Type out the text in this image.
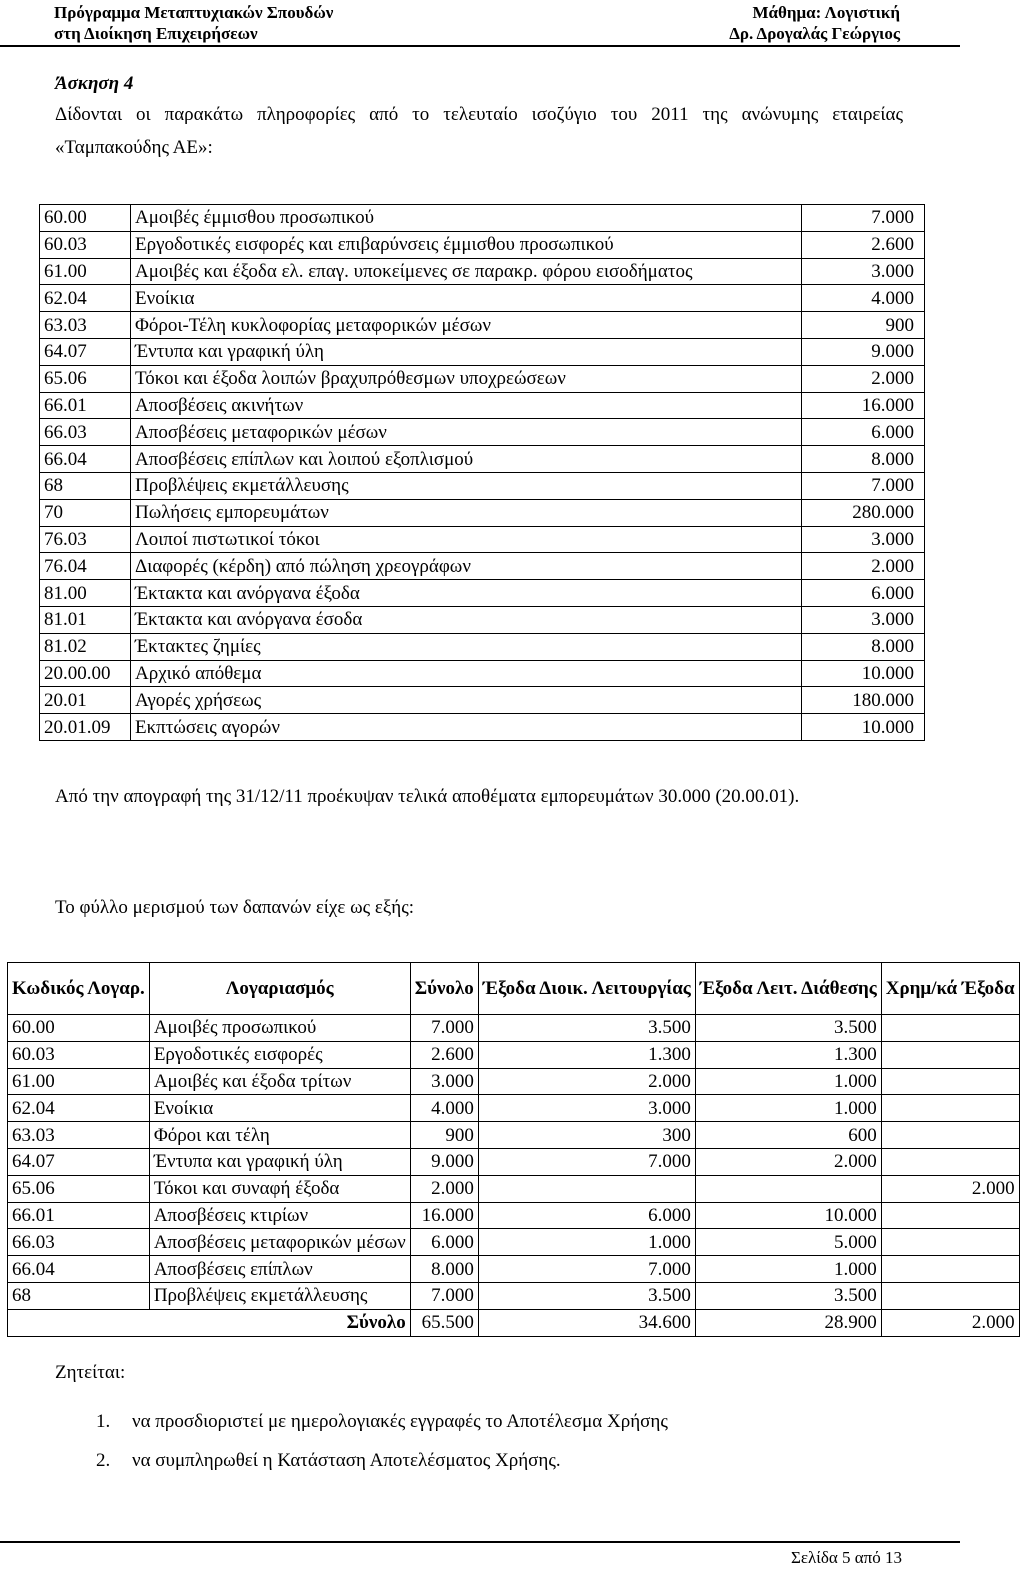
Πρόγραμμα Μεταπτυχιακών Σπουδών
στη Διοίκηση Επιχειρήσεων
Μάθημα: Λογιστική
Δρ. Δρογαλάς Γεώργιος
Άσκηση 4
Δίδονται οι παρακάτω πληροφορίες από το τελευταίο ισοζύγιο του 2011 της ανώνυμης εταιρείας «Ταμπακούδης ΑΕ»:
60.00	Αμοιβές έμμισθου προσωπικού	7.000
60.03	Εργοδοτικές εισφορές και επιβαρύνσεις έμμισθου προσωπικού	2.600
61.00	Αμοιβές και έξοδα ελ. επαγ. υποκείμενες σε παρακρ. φόρου εισοδήματος	3.000
62.04	Ενοίκια	4.000
63.03	Φόροι-Τέλη κυκλοφορίας μεταφορικών μέσων	900
64.07	Έντυπα και γραφική ύλη	9.000
65.06	Τόκοι και έξοδα λοιπών βραχυπρόθεσμων υποχρεώσεων	2.000
66.01	Αποσβέσεις ακινήτων	16.000
66.03	Αποσβέσεις μεταφορικών μέσων	6.000
66.04	Αποσβέσεις επίπλων και λοιπού εξοπλισμού	8.000
68	Προβλέψεις εκμετάλλευσης	7.000
70	Πωλήσεις εμπορευμάτων	280.000
76.03	Λοιποί πιστωτικοί τόκοι	3.000
76.04	Διαφορές (κέρδη) από πώληση χρεογράφων	2.000
81.00	Έκτακτα και ανόργανα έξοδα	6.000
81.01	Έκτακτα και ανόργανα έσοδα	3.000
81.02	Έκτακτες ζημίες	8.000
20.00.00	Αρχικό απόθεμα	10.000
20.01	Αγορές χρήσεως	180.000
20.01.09	Εκπτώσεις αγορών	10.000
Από την απογραφή της 31/12/11 προέκυψαν τελικά αποθέματα εμπορευμάτων 30.000 (20.00.01).
Το φύλλο μερισμού των δαπανών είχε ως εξής:
Κωδικός Λογαρ.	Λογαριασμός	Σύνολο	Έξοδα Διοικ. Λειτουργίας	Έξοδα Λειτ. Διάθεσης	Χρημ/κά Έξοδα
60.00	Αμοιβές προσωπικού	7.000	3.500	3.500	
60.03	Εργοδοτικές εισφορές	2.600	1.300	1.300	
61.00	Αμοιβές και έξοδα τρίτων	3.000	2.000	1.000	
62.04	Ενοίκια	4.000	3.000	1.000	
63.03	Φόροι και τέλη	900	300	600	
64.07	Έντυπα και γραφική ύλη	9.000	7.000	2.000	
65.06	Τόκοι και συναφή έξοδα	2.000			2.000
66.01	Αποσβέσεις κτιρίων	16.000	6.000	10.000	
66.03	Αποσβέσεις μεταφορικών μέσων	6.000	1.000	5.000	
66.04	Αποσβέσεις επίπλων	8.000	7.000	1.000	
68	Προβλέψεις εκμετάλλευσης	7.000	3.500	3.500	
Σύνολο		65.500	34.600	28.900	2.000
Ζητείται:
1.	να προσδιοριστεί με ημερολογιακές εγγραφές το Αποτέλεσμα Χρήσης
2.	να συμπληρωθεί η Κατάσταση Αποτελέσματος Χρήσης.
Σελίδα 5 από 13
